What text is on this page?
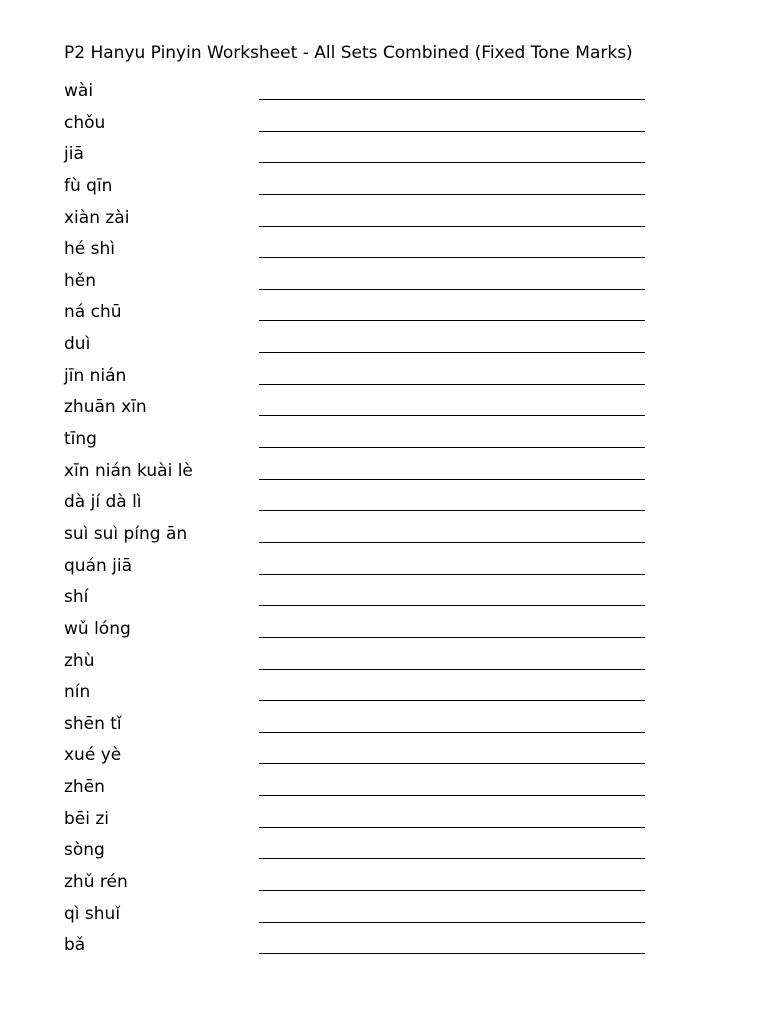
P2 Hanyu Pinyin Worksheet - All Sets Combined (Fixed Tone Marks)
wài
chǒu
jiā
fù qīn
xiàn zài
hé shì
hěn
ná chū
duì
jīn nián
zhuān xīn
tīng
xīn nián kuài lè
dà jí dà lì
suì suì píng ān
quán jiā
shí
wǔ lóng
zhù
nín
shēn tǐ
xué yè
zhēn
bēi zi
sòng
zhǔ rén
qì shuǐ
bǎ
